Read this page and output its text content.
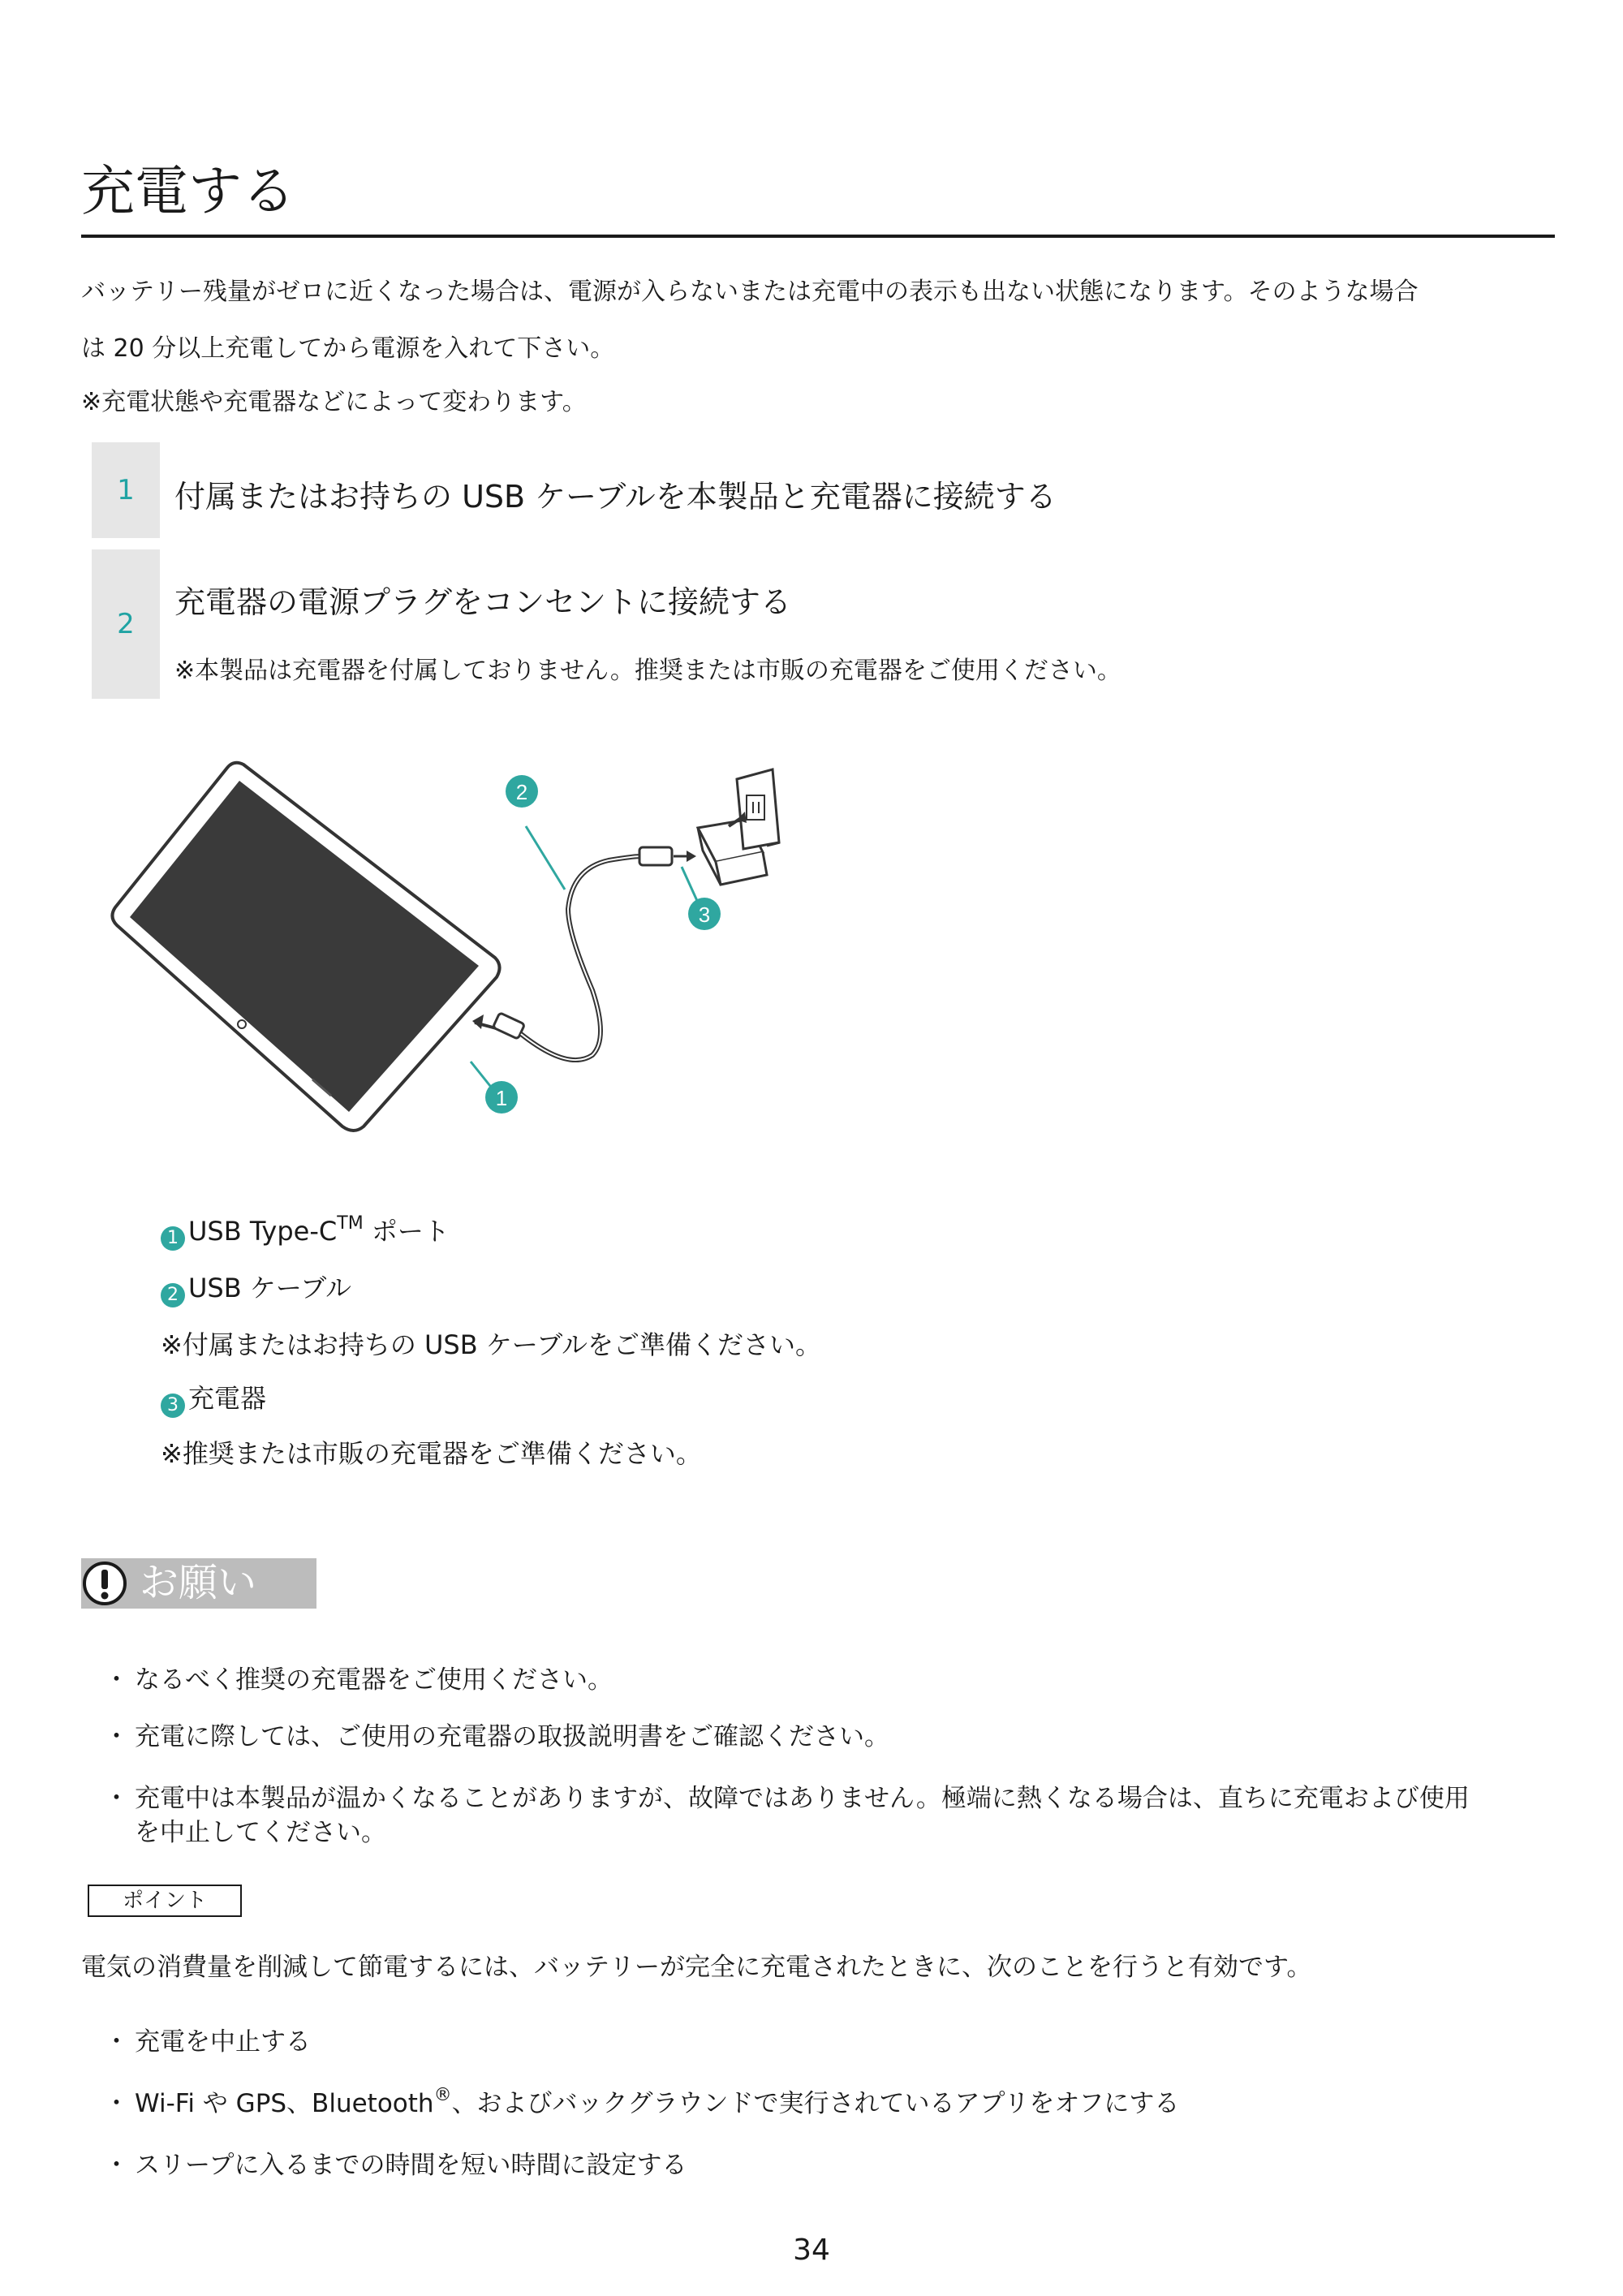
充電する

バッテリー残量がゼロに近くなった場合は、電源が入らないまたは充電中の表示も出ない状態になります。そのような場合

は 20 分以上充電してから電源を入れて下さい。

※充電状態や充電器などによって変わります。

1	付属またはお持ちの USB ケーブルを本製品と充電器に接続する
2
充電器の電源プラグをコンセントに接続する
※本製品は充電器を付属しておりません。推奨または市販の充電器をご使用ください。
1
2
3
1 USB Type-C™ ポート
2 USB ケーブル
※付属またはお持ちの USB ケーブルをご準備ください。
3 充電器
※推奨または市販の充電器をご準備ください。
お願い
・ なるべく推奨の充電器をご使用ください。
・ 充電に際しては、ご使用の充電器の取扱説明書をご確認ください。
・ 充電中は本製品が温かくなることがありますが、故障ではありません。極端に熱くなる場合は、直ちに充電および使用
を中止してください。
ポイント

電気の消費量を削減して節電するには、バッテリーが完全に充電されたときに、次のことを行うと有効です。

・ 充電を中止する
・ Wi-Fi や GPS、Bluetooth®、およびバックグラウンドで実行されているアプリをオフにする
・ スリープに入るまでの時間を短い時間に設定する
34
